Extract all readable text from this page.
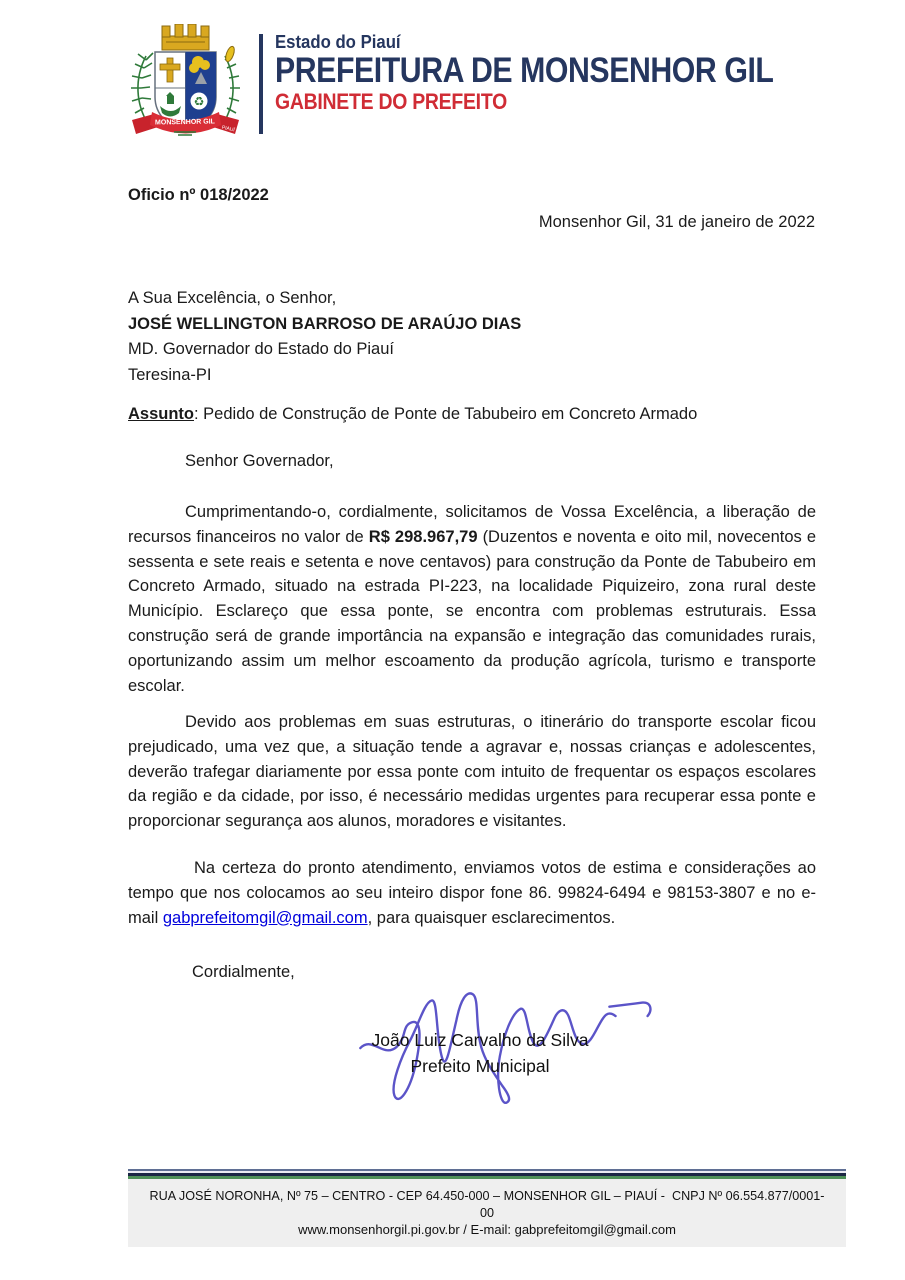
♻
MONSENHOR GIL
PIAUÍ
Estado do Piauí
PREFEITURA DE MONSENHOR GIL
GABINETE DO PREFEITO
Oficio nº 018/2022
Monsenhor Gil, 31 de janeiro de 2022
A Sua Excelência, o Senhor,
JOSÉ WELLINGTON BARROSO DE ARAÚJO DIAS
MD. Governador do Estado do Piauí
Teresina-PI
Assunto: Pedido de Construção de Ponte de Tabubeiro em Concreto Armado
Senhor Governador,
Cumprimentando-o, cordialmente, solicitamos de Vossa Excelência, a liberação de recursos financeiros no valor de R$ 298.967,79 (Duzentos e noventa e oito mil, novecentos e sessenta e sete reais e setenta e nove centavos) para construção da Ponte de Tabubeiro em Concreto Armado, situado na estrada PI-223, na localidade Piquizeiro, zona rural deste Município. Esclareço que essa ponte, se encontra com problemas estruturais. Essa construção será de grande importância na expansão e integração das comunidades rurais, oportunizando assim um melhor escoamento da produção agrícola, turismo e transporte escolar.
Devido aos problemas em suas estruturas, o itinerário do transporte escolar ficou prejudicado, uma vez que, a situação tende a agravar e, nossas crianças e adolescentes, deverão trafegar diariamente por essa ponte com intuito de frequentar os espaços escolares da região e da cidade, por isso, é necessário medidas urgentes para recuperar essa ponte e proporcionar segurança aos alunos, moradores e visitantes.
Na certeza do pronto atendimento, enviamos votos de estima e considerações ao tempo que nos colocamos ao seu inteiro dispor fone 86. 99824-6494 e 98153-3807 e no e-mail gabprefeitomgil@gmail.com, para quaisquer esclarecimentos.
Cordialmente,
João Luiz Carvalho da Silva
Prefeito Municipal
RUA JOSÉ NORONHA, Nº 75 – CENTRO - CEP 64.450-000 – MONSENHOR GIL – PIAUÍ -  CNPJ Nº 06.554.877/0001-00
www.monsenhorgil.pi.gov.br / E-mail: gabprefeitomgil@gmail.com
